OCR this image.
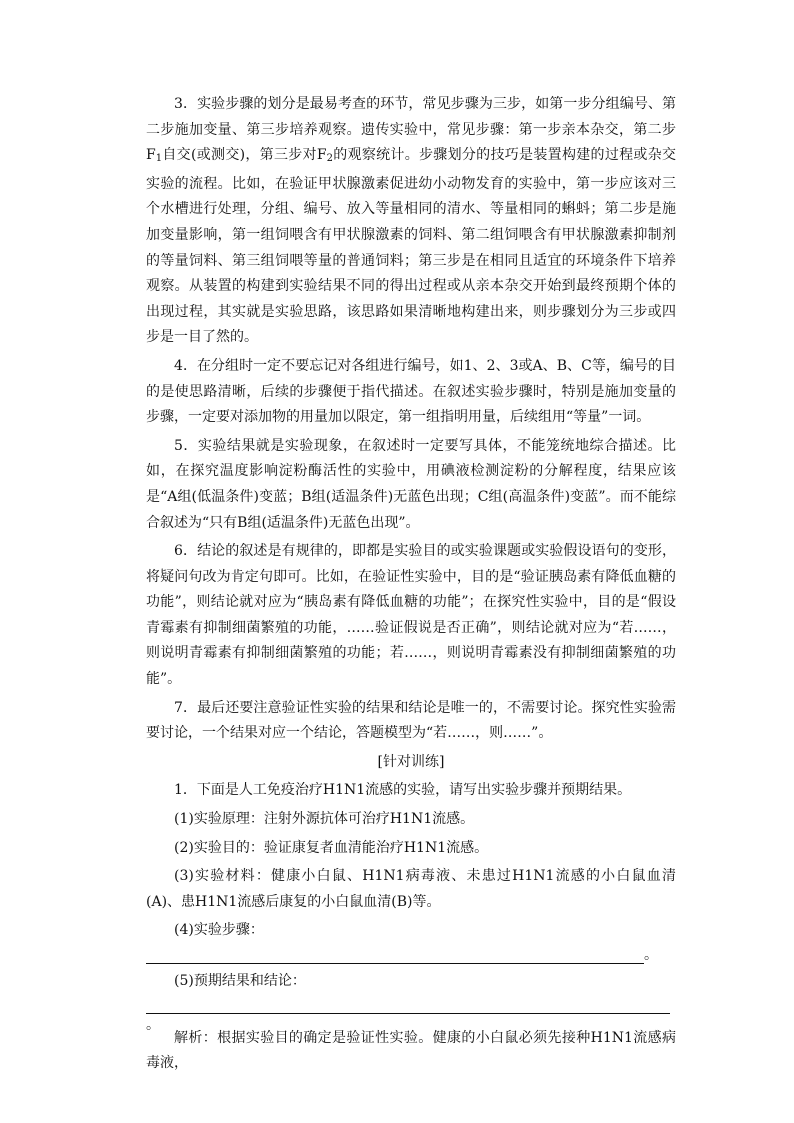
3．实验步骤的划分是最易考查的环节，常见步骤为三步，如第一步分组编号、第二步施加变量、第三步培养观察。遗传实验中，常见步骤：第一步亲本杂交，第二步$F_1$自交(或测交)，第三步对$F_2$的观察统计。步骤划分的技巧是装置构建的过程或杂交实验的流程。比如，在验证甲状腺激素促进幼小动物发育的实验中，第一步应该对三个水槽进行处理，分组、编号、放入等量相同的清水、等量相同的蝌蚪；第二步是施加变量影响，第一组饲喂含有甲状腺激素的饲料、第二组饲喂含有甲状腺激素抑制剂的等量饲料、第三组饲喂等量的普通饲料；第三步是在相同且适宜的环境条件下培养观察。从装置的构建到实验结果不同的得出过程或从亲本杂交开始到最终预期个体的出现过程，其实就是实验思路，该思路如果清晰地构建出来，则步骤划分为三步或四步是一目了然的。

4．在分组时一定不要忘记对各组进行编号，如1、2、3或A、B、C等，编号的目的是使思路清晰，后续的步骤便于指代描述。在叙述实验步骤时，特别是施加变量的步骤，一定要对添加物的用量加以限定，第一组指明用量，后续组用“等量”一词。

5．实验结果就是实验现象，在叙述时一定要写具体，不能笼统地综合描述。比如，在探究温度影响淀粉酶活性的实验中，用碘液检测淀粉的分解程度，结果应该是“A组(低温条件)变蓝；B组(适温条件)无蓝色出现；C组(高温条件)变蓝”。而不能综合叙述为“只有B组(适温条件)无蓝色出现”。

6．结论的叙述是有规律的，即都是实验目的或实验课题或实验假设语句的变形，将疑问句改为肯定句即可。比如，在验证性实验中，目的是“验证胰岛素有降低血糖的功能”，则结论就对应为“胰岛素有降低血糖的功能”；在探究性实验中，目的是“假设青霉素有抑制细菌繁殖的功能，……验证假说是否正确”，则结论就对应为“若……，则说明青霉素有抑制细菌繁殖的功能；若……，则说明青霉素没有抑制细菌繁殖的功能”。

7．最后还要注意验证性实验的结果和结论是唯一的，不需要讨论。探究性实验需要讨论，一个结果对应一个结论，答题模型为“若……，则……”。

[针对训练]

1．下面是人工免疫治疗H1N1流感的实验，请写出实验步骤并预期结果。

(1)实验原理：注射外源抗体可治疗H1N1流感。

(2)实验目的：验证康复者血清能治疗H1N1流感。

(3)实验材料：健康小白鼠、H1N1病毒液、未患过H1N1流感的小白鼠血清(A)、患H1N1流感后康复的小白鼠血清(B)等。

(4)实验步骤：

。

(5)预期结果和结论：

。

解析：根据实验目的确定是验证性实验。健康的小白鼠必须先接种H1N1流感病毒液，
